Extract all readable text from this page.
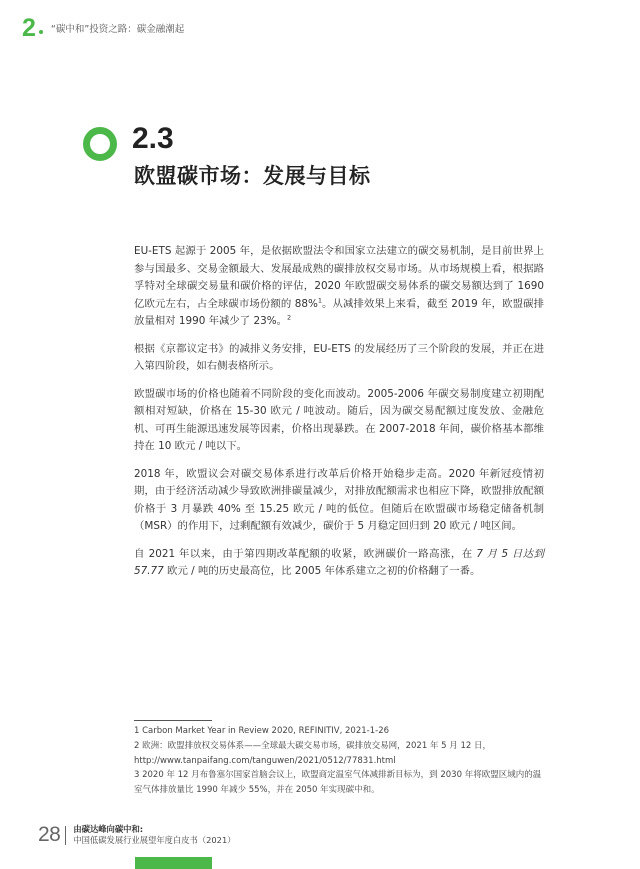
2 “碳中和”投资之路：碳金融潮起
2.3
欧盟碳市场：发展与目标

EU-ETS 起源于 2005 年，是依据欧盟法令和国家立法建立的碳交易机制，是目前世界上参与国最多、交易金额最大、发展最成熟的碳排放权交易市场。从市场规模上看，根据路孚特对全球碳交易量和碳价格的评估，2020 年欧盟碳交易体系的碳交易额达到了 1690 亿欧元左右，占全球碳市场份额的 88%$^1$。从减排效果上来看，截至 2019 年，欧盟碳排放量相对 1990 年减少了 23%。$^2$

根据《京都议定书》的减排义务安排，EU-ETS 的发展经历了三个阶段的发展，并正在进入第四阶段，如右侧表格所示。

欧盟碳市场的价格也随着不同阶段的变化而波动。2005-2006 年碳交易制度建立初期配额相对短缺，价格在 15-30 欧元 / 吨波动。随后，因为碳交易配额过度发放、金融危机、可再生能源迅速发展等因素，价格出现暴跌。在 2007-2018 年间，碳价格基本都维持在 10 欧元 / 吨以下。

2018 年，欧盟议会对碳交易体系进行改革后价格开始稳步走高。2020 年新冠疫情初期，由于经济活动减少导致欧洲排碳量减少，对排放配额需求也相应下降，欧盟排放配额价格于 3 月暴跌 40% 至 15.25 欧元 / 吨的低位。但随后在欧盟碳市场稳定储备机制（MSR）的作用下，过剩配额有效减少，碳价于 5 月稳定回归到 20 欧元 / 吨区间。

自 2021 年以来，由于第四期改革配额的收紧，欧洲碳价一路高涨，在 7 月 5 日达到 57.77 欧元 / 吨的历史最高位，比 2005 年体系建立之初的价格翻了一番。

1 Carbon Market Year in Review 2020, REFINITIV, 2021-1-26
2 欧洲：欧盟排放权交易体系——全球最大碳交易市场，碳排放交易网，2021 年 5 月 12 日，http://www.tanpaifang.com/tanguwen/2021/0512/77831.html
3 2020 年 12 月布鲁塞尔国家首脑会议上，欧盟商定温室气体减排新目标为，到 2030 年将欧盟区域内的温室气体排放量比 1990 年减少 55%，并在 2050 年实现碳中和。
28 由碳达峰向碳中和:
中国低碳发展行业展望年度白皮书（2021）
